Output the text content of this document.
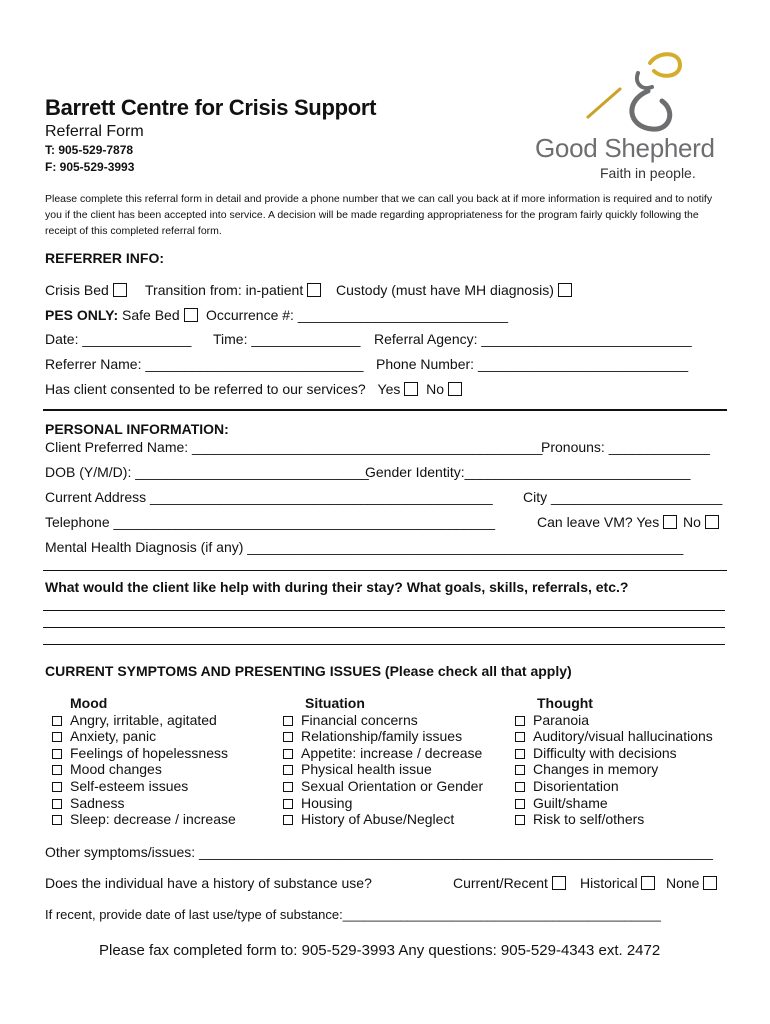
Barrett Centre for Crisis Support
Referral Form
T: 905-529-7878
F: 905-529-3993
Good Shepherd
Faith in people.
Please complete this referral form in detail and provide a phone number that we can call you back at if more information is required and to notify you if the client has been accepted into service. A decision will be made regarding appropriateness for the program fairly quickly following the receipt of this completed referral form.
REFERRER INFO:
Crisis Bed	Transition from: in-patient	Custody (must have MH diagnosis)
PES ONLY: Safe Bed	Occurrence #: ___________________________
Date: ______________ Time: ______________ Referral Agency: ___________________________
Referrer Name: ____________________________ Phone Number: ___________________________
Has client consented to be referred to our services? Yes No
PERSONAL INFORMATION:
Client Preferred Name: _____________________________________________
Pronouns: _____________
DOB (Y/M/D): ______________________________
Gender Identity:_____________________________
Current Address ____________________________________________ City ______________________
Telephone _________________________________________________	Can leave VM? Yes No
Mental Health Diagnosis (if any) ________________________________________________________
What would the client like help with during their stay? What goals, skills, referrals, etc.?
CURRENT SYMPTOMS AND PRESENTING ISSUES (Please check all that apply)
Mood
Angry, irritable, agitated
Anxiety, panic
Feelings of hopelessness
Mood changes
Self-esteem issues
Sadness
Sleep: decrease / increase
Situation
Financial concerns
Relationship/family issues
Appetite: increase / decrease
Physical health issue
Sexual Orientation or Gender
Housing
History of Abuse/Neglect
Thought
Paranoia
Auditory/visual hallucinations
Difficulty with decisions
Changes in memory
Disorientation
Guilt/shame
Risk to self/others
Other symptoms/issues: __________________________________________________________________
Does the individual have a history of substance use?	Current/Recent	Historical	None
If recent, provide date of last use/type of substance:____________________________________________
Please fax completed form to: 905-529-3993 Any questions: 905-529-4343 ext. 2472
